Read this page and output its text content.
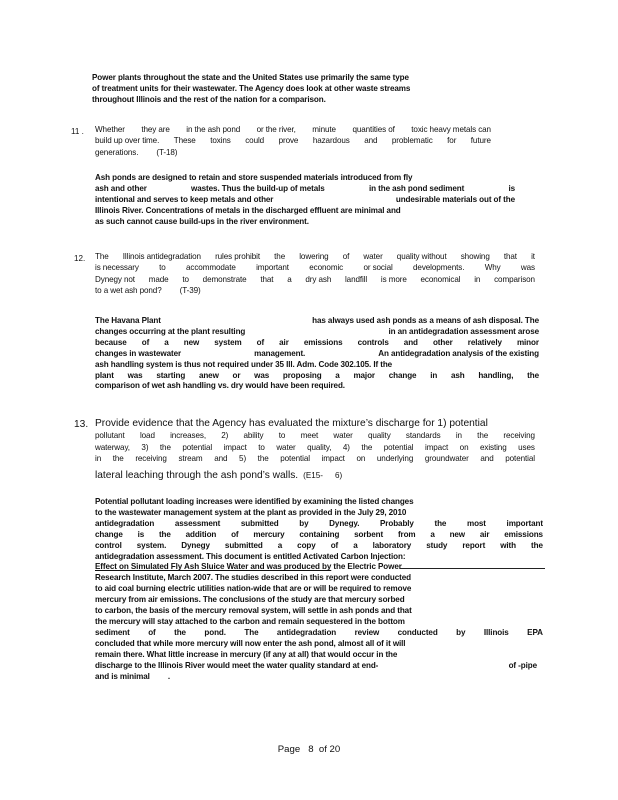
Power plants throughout the state and the United States use primarily the same type
of treatment units for their wastewater. The Agency does look at other waste streams
throughout Illinois and the rest of the nation for a comparison.
11 . Whether they are in the ash pond or the river, minute quantities of toxic heavy metals can
build up over time. These toxins could prove hazardous and problematic for future
generations. (T-18)
Ash ponds are designed to retain and store suspended materials introduced from fly
ash and other	wastes. Thus the build-up of metals	in the ash pond sediment	is
intentional and serves to keep metals and other	undesirable materials out of the
Illinois River. Concentrations of metals in the discharged effluent are minimal and
as such cannot cause build-ups in the river environment.
12. The Illinois antidegradation rules prohibit the lowering of water quality without showing that it
is necessary	to	accommodate	important	economic	or social	developments.	Why	was
Dynegy not made to demonstrate that a dry ash landfill is more economical in comparison
to a wet ash pond? (T-39)
The Havana Plant	has always used ash ponds as a means of ash disposal. The
changes occurring at the plant resulting	in an antidegradation assessment arose
because of a new system of air emissions controls and other relatively minor
changes in wastewater	management.	An antidegradation analysis of the existing
ash handling system is thus not required under 35 Ill. Adm. Code 302.105. If the
plant was starting anew or was proposing a major change in ash handling, the
comparison of wet ash handling vs. dry would have been required.
13. Provide evidence that the Agency has evaluated the mixture’s discharge for 1) potential
pollutant load increases, 2) ability to meet water quality standards in the receiving
waterway, 3) the potential impact to water quality, 4) the potential impact on existing uses
in the receiving stream and 5) the potential impact on underlying groundwater and potential
lateral leaching through the ash pond’s walls. (E15- 6)
Potential pollutant loading increases were identified by examining the listed changes
to the wastewater management system at the plant as provided in the July 29, 2010
antidegradation	assessment	submitted	by	Dynegy.	Probably	the	most	important
change is the addition of mercury containing sorbent from a new air emissions
control system. Dynegy submitted a copy of a laboratory study report with the
antidegradation assessment. This document is entitled Activated Carbon Injection:
Effect on Simulated Fly Ash Sluice Water and was produced by the Electric Power
Research Institute, March 2007. The studies described in this report were conducted
to aid coal burning electric utilities nation-wide that are or will be required to remove
mercury from air emissions. The conclusions of the study are that mercury sorbed
to carbon, the basis of the mercury removal system, will settle in ash ponds and that
the mercury will stay attached to the carbon and remain sequestered in the bottom
sediment of the pond. The antidegradation review conducted by Illinois EPA
concluded that while more mercury will now enter the ash pond, almost all of it will
remain there. What little increase in mercury (if any at all) that would occur in the
discharge to the Illinois River would meet the water quality standard at end-	of -pipe
and is minimal .
Page 8 of 20
